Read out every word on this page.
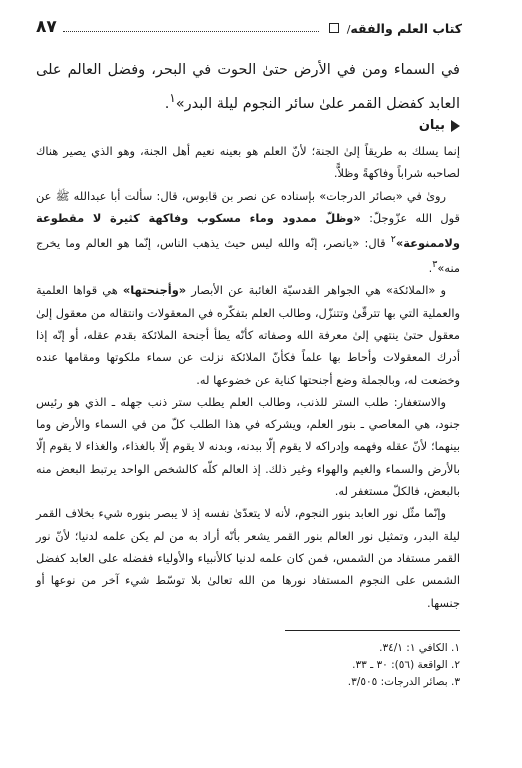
كتاب العلم والفقه
/
٨٧
في السماء ومن في الأرض حتىٰ الحوت في البحر، وفضل العالم على العابد كفضل القمر علىٰ سائر النجوم ليلة البدر»$^١$.
بيان

إنما يسلك به طريقاً إلىٰ الجنة؛ لأنّ العلم هو بعينه نعيم أهل الجنة، وهو الذي يصير هناك لصاحبه شراباً وفاكهةً وظلاًّ.

روىٰ في «بصائر الدرجات» بإسناده عن نصر بن قابوس، قال: سألت أبا عبدالله ﷺ عن قول الله عزّوجلّ: «وظلّ ممدود وماء مسكوب وفاكهة كثيرة لا مقطوعة ولاممنوعة»$^٢$ قال: «يانصر، إنّه والله ليس حيث يذهب الناس، إنّما هو العالم وما يخرج منه»$^٣$.

و «الملائكة» هي الجواهر القدسيّة الغائبة عن الأبصار «وأجنحتها» هي قواها العلمية والعملية التي بها تترقّىٰ وتتنزّل، وطالب العلم بتفكّره في المعقولات وانتقاله من معقول إلىٰ معقول حتىٰ ينتهي إلىٰ معرفة الله وصفاته كأنّه يطأ أجنحة الملائكة بقدم عقله، أو إنّه إذا أدرك المعقولات وأحاط بها علماً فكأنّ الملائكة نزلت عن سماء ملكوتها ومقامها عنده وخضعت له، وبالجملة وضع أجنحتها كناية عن خضوعها له.

والاستغفار: طلب الستر للذنب، وطالب العلم يطلب ستر ذنب جهله ـ الذي هو رئيس جنود، هي المعاصي ـ بنور العلم، ويشركه في هذا الطلب كلّ من في السماء والأرض وما بينهما؛ لأنّ عقله وفهمه وإدراكه لا يقوم إلّا ببدنه، وبدنه لا يقوم إلّا بالغذاء، والغذاء لا يقوم إلّا بالأرض والسماء والغيم والهواء وغير ذلك. إذ العالم كلّه كالشخص الواحد يرتبط البعض منه بالبعض، فالكلّ مستغفر له.

وإنّما مثّل نور العابد بنور النجوم، لأنه لا يتعدّىٰ نفسه إذ لا يبصر بنوره شيء بخلاف القمر ليلة البدر، وتمثيل نور العالم بنور القمر يشعر بأنّه أراد به من لم يكن علمه لدنيا؛ لأنّ نور القمر مستفاد من الشمس، فمن كان علمه لدنيا كالأنبياء والأولياء ففضله على العابد كفضل الشمس على النجوم المستفاد نورها من الله تعالىٰ بلا توسّط شيء آخر من نوعها أو جنسها.

١. الكافي ١: ٣٤/١.
٢. الواقعة (٥٦): ٣٠ ـ ٣٣.
٣. بصائر الدرجات: ٣/٥٠٥.
